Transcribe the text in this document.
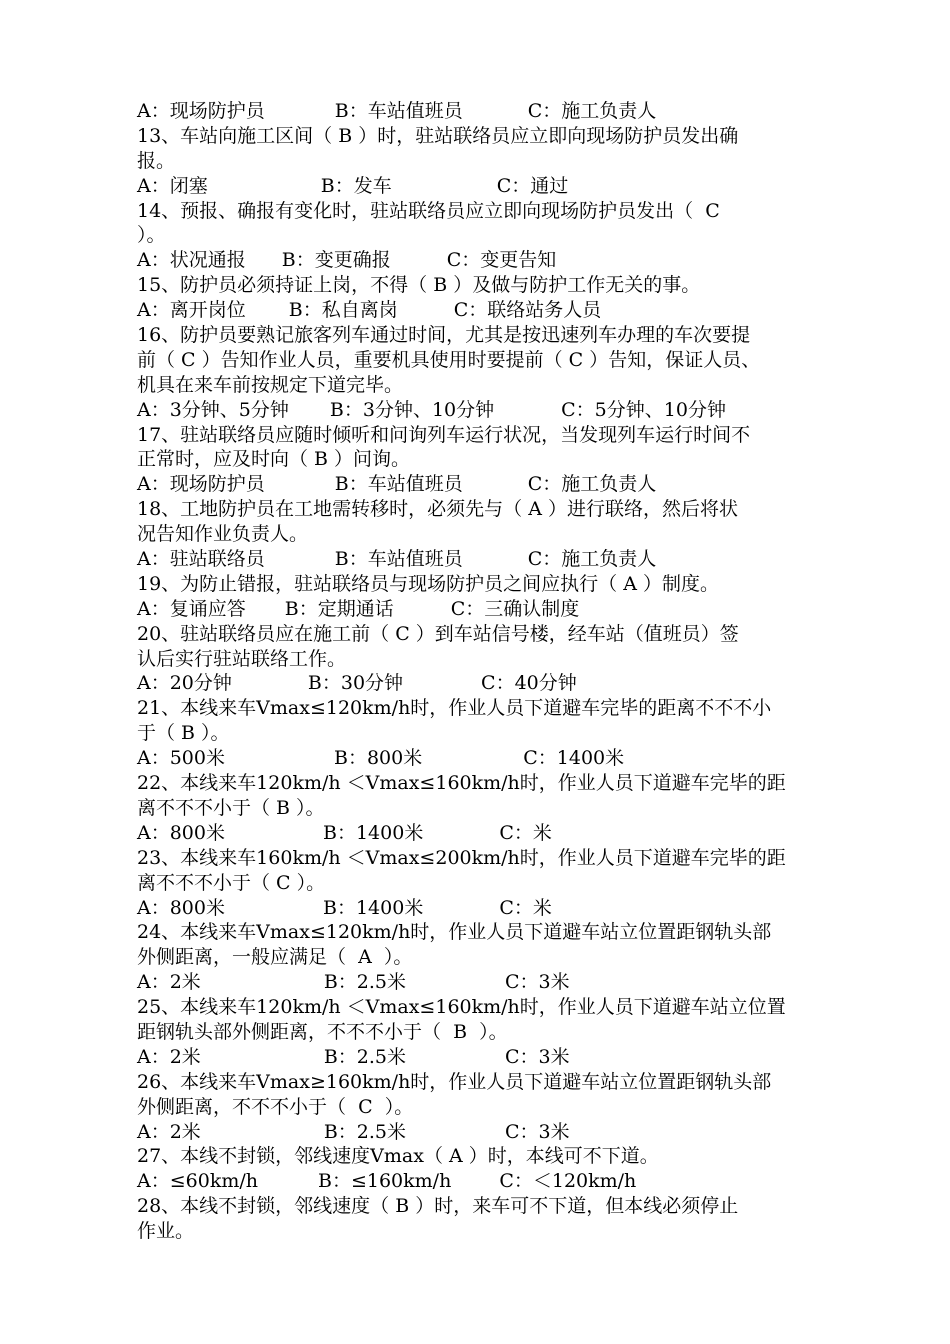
A：现场防护员	B：车站值班员	C：施工负责人
13、车站向施工区间（ B ）时，驻站联络员应立即向现场防护员发出确
报。
A：闭塞	B：发车	C：通过
14、预报、确报有变化时，驻站联络员应立即向现场防护员发出（  C
）。
A：状况通报 B：变更确报	C：变更告知
15、防护员必须持证上岗，不得（ B ）及做与防护工作无关的事。
A：离开岗位 B：私自离岗	C：联络站务人员
16、防护员要熟记旅客列车通过时间，尤其是按迅速列车办理的车次要提
前（ C ）告知作业人员，重要机具使用时要提前（ C ）告知，保证人员、
机具在来车前按规定下道完毕。
A：3分钟、5分钟 B：3分钟、10分钟	C：5分钟、10分钟
17、驻站联络员应随时倾听和问询列车运行状况，当发现列车运行时间不
正常时，应及时向（ B ）问询。
A：现场防护员	B：车站值班员	C：施工负责人
18、工地防护员在工地需转移时，必须先与（ A ）进行联络，然后将状
况告知作业负责人。
A：驻站联络员	B：车站值班员	C：施工负责人
19、为防止错报，驻站联络员与现场防护员之间应执行（ A ）制度。
A：复诵应答 B：定期通话	C：三确认制度
20、驻站联络员应在施工前（ C ）到车站信号楼，经车站（值班员）签
认后实行驻站联络工作。
A：20分钟	B：30分钟	C：40分钟
21、本线来车Vmax≤120km/h时，作业人员下道避车完毕的距离不不不小
于（ B ）。
A：500米	B：800米	C：1400米
22、本线来车120km/h ＜Vmax≤160km/h时，作业人员下道避车完毕的距
离不不不小于（ B ）。
A：800米	B：1400米	C：米
23、本线来车160km/h ＜Vmax≤200km/h时，作业人员下道避车完毕的距
离不不不小于（ C ）。
A：800米	B：1400米	C：米
24、本线来车Vmax≤120km/h时，作业人员下道避车站立位置距钢轨头部
外侧距离，一般应满足（  A  ）。
A：2米	B：2.5米	C：3米
25、本线来车120km/h ＜Vmax≤160km/h时，作业人员下道避车站立位置
距钢轨头部外侧距离，不不不小于（  B  ）。
A：2米	B：2.5米	C：3米
26、本线来车Vmax≥160km/h时，作业人员下道避车站立位置距钢轨头部
外侧距离，不不不小于（  C  ）。
A：2米	B：2.5米	C：3米
27、本线不封锁，邻线速度Vmax（ A ）时，本线可不下道。
A：≤60km/h	B：≤160km/h	C：＜120km/h
28、本线不封锁，邻线速度（ B ）时，来车可不下道，但本线必须停止
作业。
